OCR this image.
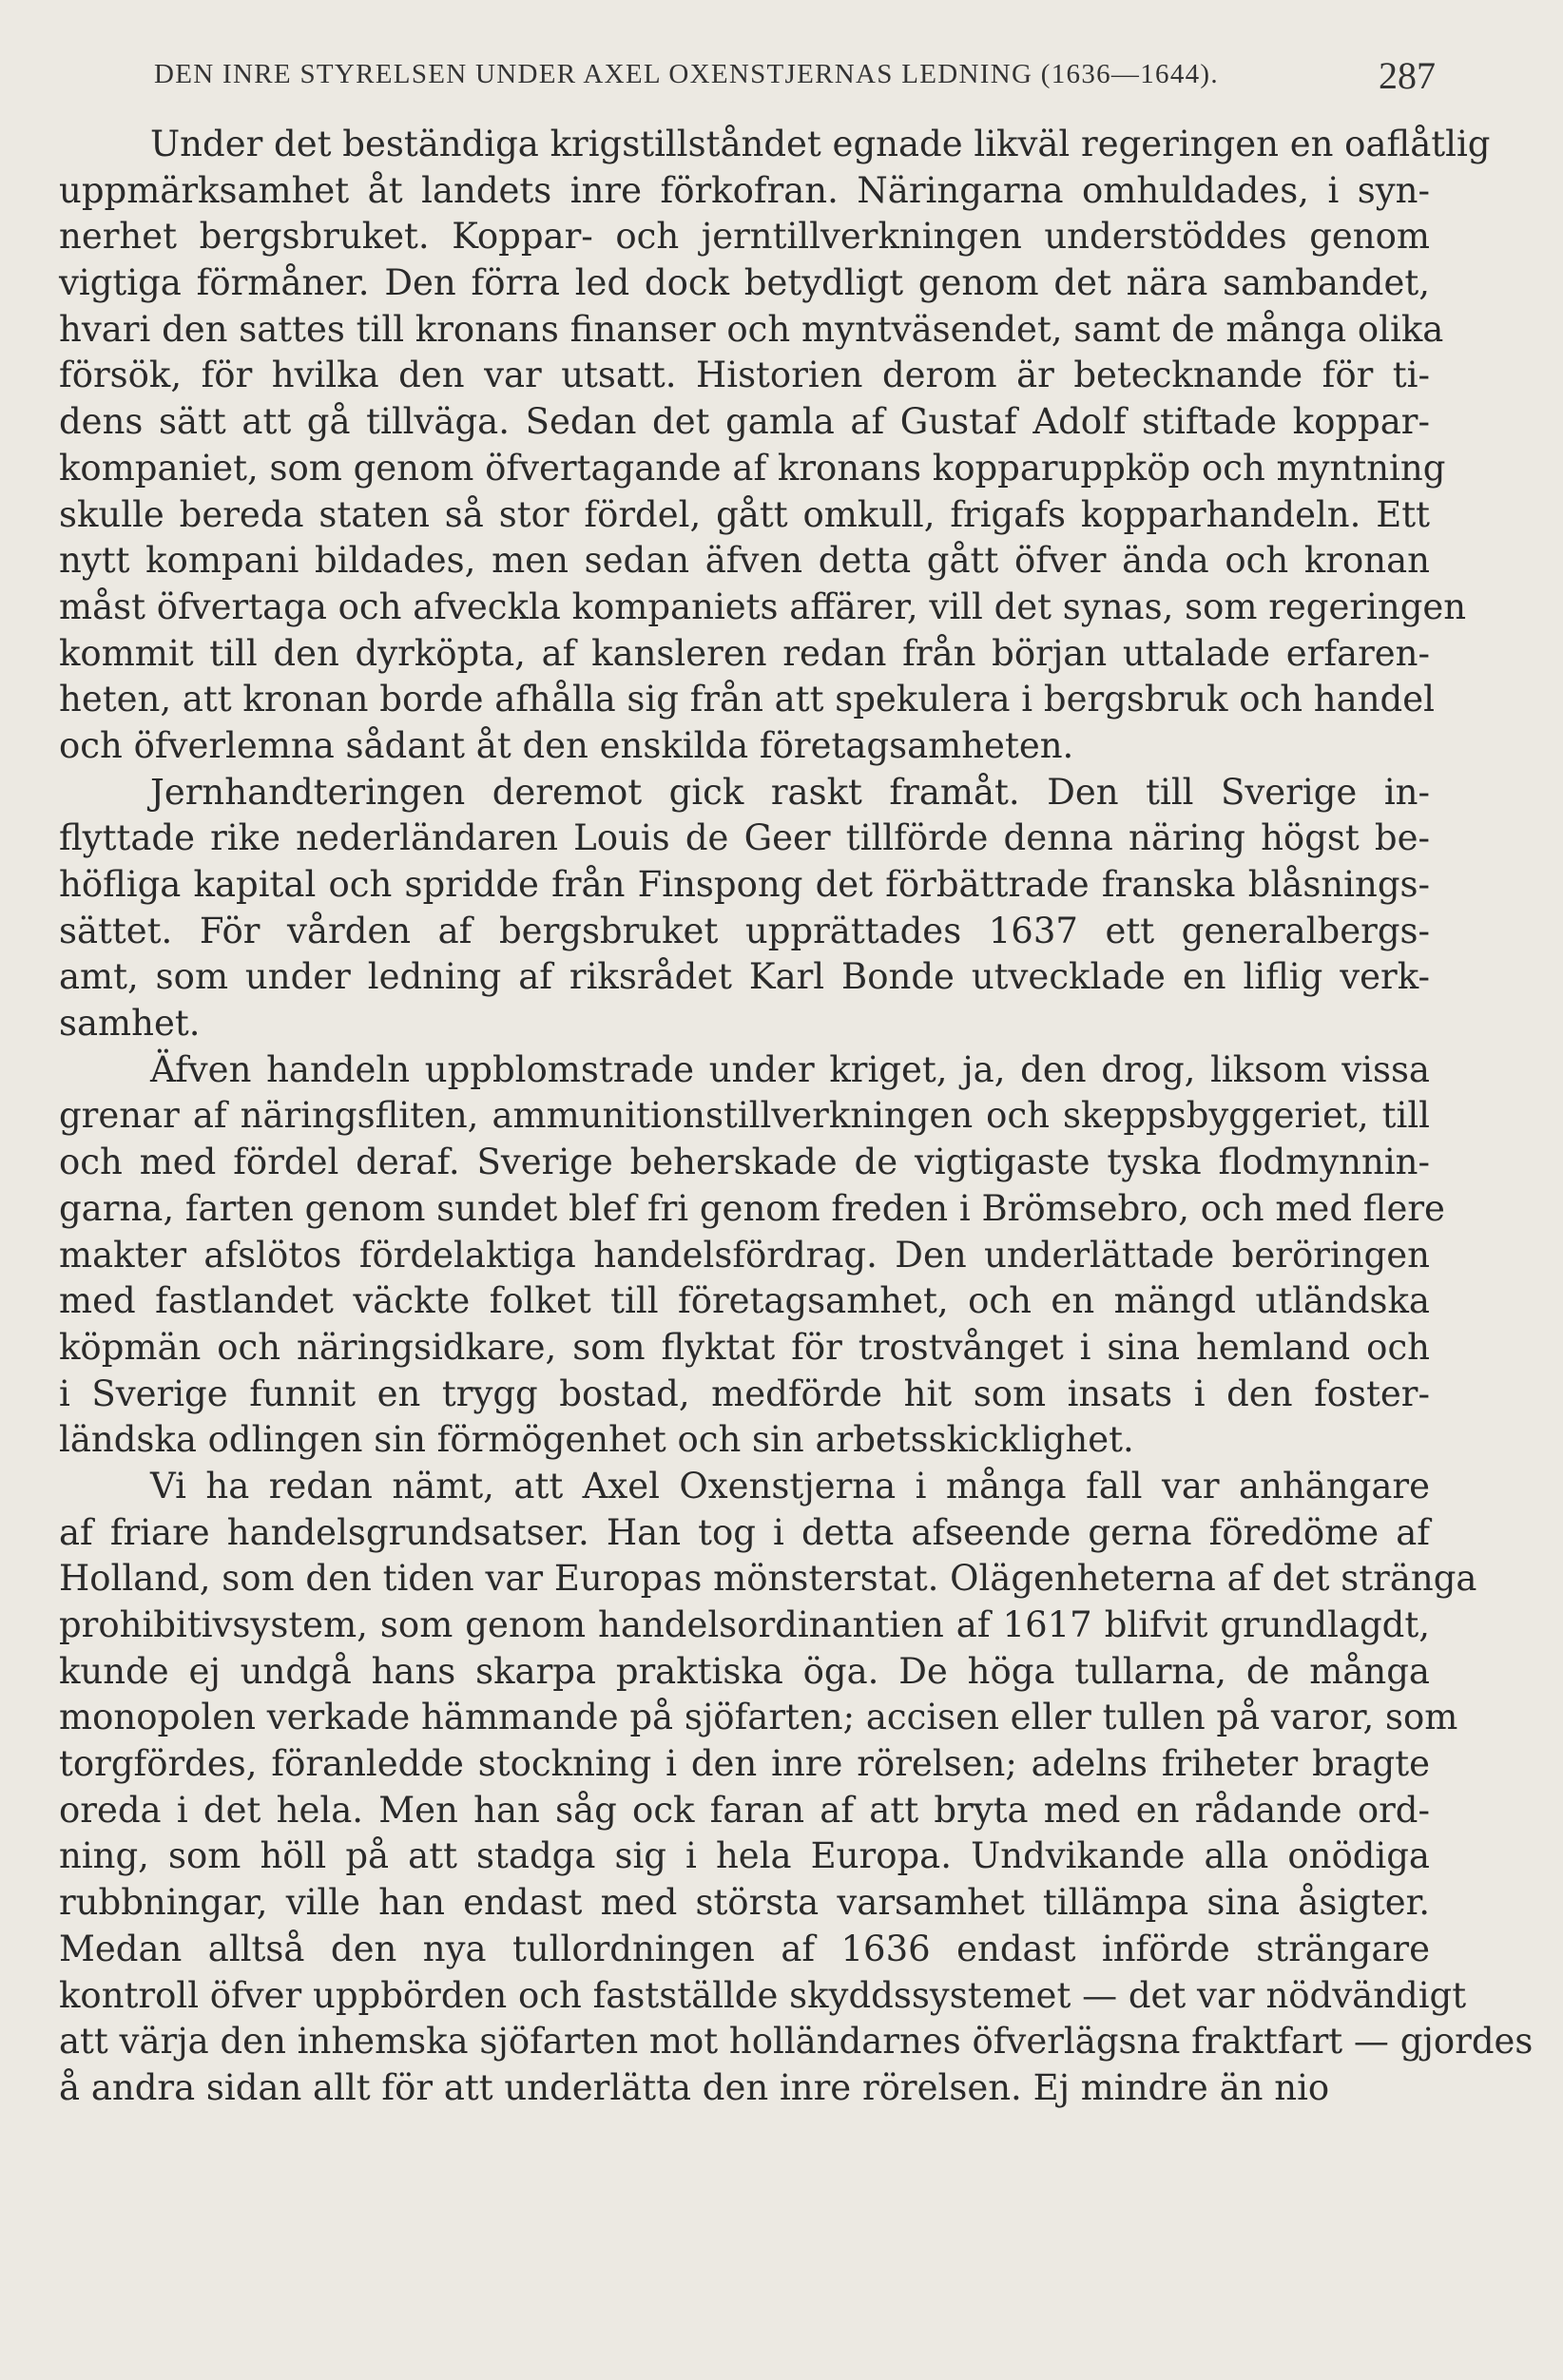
DEN INRE STYRELSEN UNDER AXEL OXENSTJERNAS LEDNING (1636—1644).	287
Under det beständiga krigstillståndet egnade likväl regeringen en oaflåtlig
uppmärksamhet åt landets inre förkofran. Näringarna omhuldades, i syn-
nerhet bergsbruket. Koppar- och jerntillverkningen understöddes genom
vigtiga förmåner. Den förra led dock betydligt genom det nära sambandet,
hvari den sattes till kronans finanser och myntväsendet, samt de många olika
försök, för hvilka den var utsatt. Historien derom är betecknande för ti-
dens sätt att gå tillväga. Sedan det gamla af Gustaf Adolf stiftade koppar-
kompaniet, som genom öfvertagande af kronans kopparuppköp och myntning
skulle bereda staten så stor fördel, gått omkull, frigafs kopparhandeln. Ett
nytt kompani bildades, men sedan äfven detta gått öfver ända och kronan
måst öfvertaga och afveckla kompaniets affärer, vill det synas, som regeringen
kommit till den dyrköpta, af kansleren redan från början uttalade erfaren-
heten, att kronan borde afhålla sig från att spekulera i bergsbruk och handel
och öfverlemna sådant åt den enskilda företagsamheten.
Jernhandteringen deremot gick raskt framåt. Den till Sverige in-
flyttade rike nederländaren Louis de Geer tillförde denna näring högst be-
höfliga kapital och spridde från Finspong det förbättrade franska blåsnings-
sättet. För vården af bergsbruket upprättades 1637 ett generalbergs-
amt, som under ledning af riksrådet Karl Bonde utvecklade en liflig verk-
samhet.
Äfven handeln uppblomstrade under kriget, ja, den drog, liksom vissa
grenar af näringsfliten, ammunitionstillverkningen och skeppsbyggeriet, till
och med fördel deraf. Sverige beherskade de vigtigaste tyska flodmynnin-
garna, farten genom sundet blef fri genom freden i Brömsebro, och med flere
makter afslötos fördelaktiga handelsfördrag. Den underlättade beröringen
med fastlandet väckte folket till företagsamhet, och en mängd utländska
köpmän och näringsidkare, som flyktat för trostvånget i sina hemland och
i Sverige funnit en trygg bostad, medförde hit som insats i den foster-
ländska odlingen sin förmögenhet och sin arbetsskicklighet.
Vi ha redan nämt, att Axel Oxenstjerna i många fall var anhängare
af friare handelsgrundsatser. Han tog i detta afseende gerna föredöme af
Holland, som den tiden var Europas mönsterstat. Olägenheterna af det stränga
prohibitivsystem, som genom handelsordinantien af 1617 blifvit grundlagdt,
kunde ej undgå hans skarpa praktiska öga. De höga tullarna, de många
monopolen verkade hämmande på sjöfarten; accisen eller tullen på varor, som
torgfördes, föranledde stockning i den inre rörelsen; adelns friheter bragte
oreda i det hela. Men han såg ock faran af att bryta med en rådande ord-
ning, som höll på att stadga sig i hela Europa. Undvikande alla onödiga
rubbningar, ville han endast med största varsamhet tillämpa sina åsigter.
Medan alltså den nya tullordningen af 1636 endast införde strängare
kontroll öfver uppbörden och fastställde skyddssystemet — det var nödvändigt
att värja den inhemska sjöfarten mot holländarnes öfverlägsna fraktfart — gjordes
å andra sidan allt för att underlätta den inre rörelsen. Ej mindre än nio
